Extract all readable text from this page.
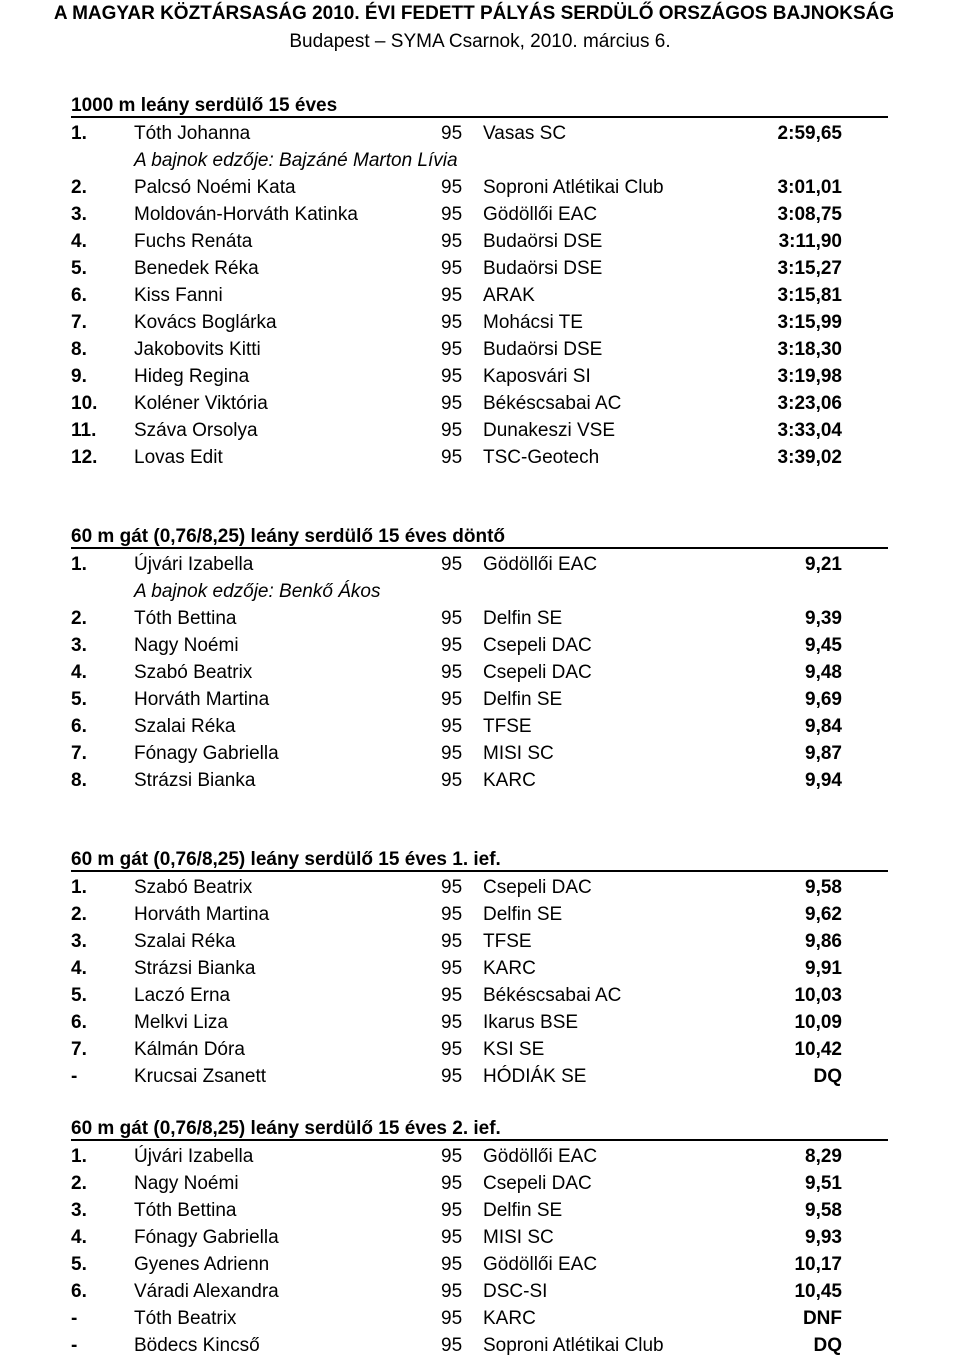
A MAGYAR KÖZTÁRSASÁG 2010. ÉVI FEDETT PÁLYÁS SERDÜLŐ ORSZÁGOS BAJNOKSÁG
Budapest – SYMA Csarnok, 2010. március 6.
1000 m leány serdülő 15 éves
1. Tóth Johanna	95 Vasas SC	2:59,65
A bajnok edzője: Bajzáné Marton Lívia
2. Palcsó Noémi Kata	95 Soproni Atlétikai Club	3:01,01
3. Moldován-Horváth Katinka	95 Gödöllői EAC	3:08,75
4. Fuchs Renáta	95 Budaörsi DSE	3:11,90
5. Benedek Réka	95 Budaörsi DSE	3:15,27
6. Kiss Fanni	95 ARAK	3:15,81
7. Kovács Boglárka	95 Mohácsi TE	3:15,99
8. Jakobovits Kitti	95 Budaörsi DSE	3:18,30
9. Hideg Regina	95 Kaposvári SI	3:19,98
10. Koléner Viktória	95 Békéscsabai AC	3:23,06
11. Száva Orsolya	95 Dunakeszi VSE	3:33,04
12. Lovas Edit	95 TSC-Geotech	3:39,02
60 m gát (0,76/8,25) leány serdülő 15 éves döntő
1. Újvári Izabella	95 Gödöllői EAC	9,21
A bajnok edzője: Benkő Ákos
2. Tóth Bettina	95 Delfin SE	9,39
3. Nagy Noémi	95 Csepeli DAC	9,45
4. Szabó Beatrix	95 Csepeli DAC	9,48
5. Horváth Martina	95 Delfin SE	9,69
6. Szalai Réka	95 TFSE	9,84
7. Fónagy Gabriella	95 MISI SC	9,87
8. Strázsi Bianka	95 KARC	9,94
60 m gát (0,76/8,25) leány serdülő 15 éves 1. ief.
1. Szabó Beatrix	95 Csepeli DAC	9,58
2. Horváth Martina	95 Delfin SE	9,62
3. Szalai Réka	95 TFSE	9,86
4. Strázsi Bianka	95 KARC	9,91
5. Laczó Erna	95 Békéscsabai AC	10,03
6. Melkvi Liza	95 Ikarus BSE	10,09
7. Kálmán Dóra	95 KSI SE	10,42
-	Krucsai Zsanett	95 HÓDIÁK SE	DQ
60 m gát (0,76/8,25) leány serdülő 15 éves 2. ief.
1. Újvári Izabella	95 Gödöllői EAC	8,29
2. Nagy Noémi	95 Csepeli DAC	9,51
3. Tóth Bettina	95 Delfin SE	9,58
4. Fónagy Gabriella	95 MISI SC	9,93
5. Gyenes Adrienn	95 Gödöllői EAC	10,17
6. Váradi Alexandra	95 DSC-SI	10,45
-	Tóth Beatrix	95 KARC	DNF
-	Bödecs Kincső	95 Soproni Atlétikai Club	DQ
